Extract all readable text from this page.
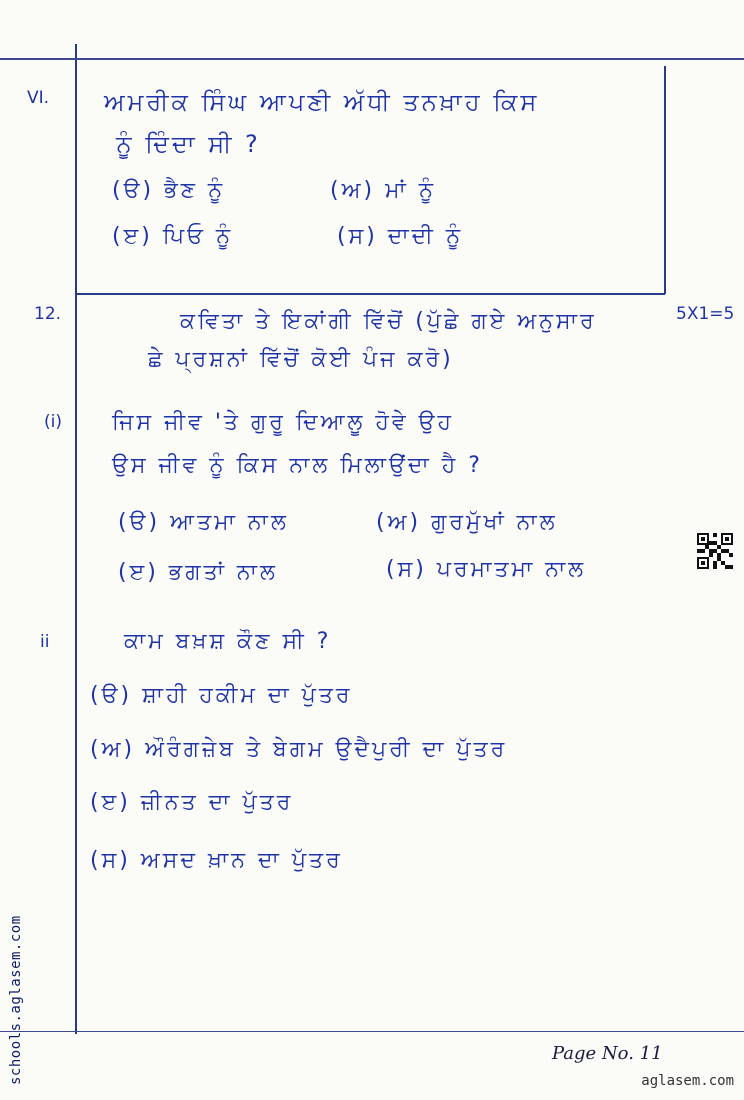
VI. ਅਮਰੀਕ ਸਿੰਘ ਆਪਣੀ ਅੱਧੀ ਤਨਖ਼ਾਹ ਕਿਸ
ਨੂੰ ਦਿੰਦਾ ਸੀ ?
(ੳ) ਭੈਣ ਨੂੰ	(ਅ) ਮਾਂ ਨੂੰ
(ੲ) ਪਿਓ ਨੂੰ	(ਸ) ਦਾਦੀ ਨੂੰ
12.	5X1=5
ਕਵਿਤਾ ਤੇ ਇਕਾਂਗੀ ਵਿੱਚੋਂ (ਪੁੱਛੇ ਗਏ ਅਨੁਸਾਰ
ਛੇ ਪ੍ਰਸ਼ਨਾਂ ਵਿੱਚੋਂ ਕੋਈ ਪੰਜ ਕਰੋ)
(i) ਜਿਸ ਜੀਵ 'ਤੇ ਗੁਰੂ ਦਿਆਲੂ ਹੋਵੇ ਉਹ
ਉਸ ਜੀਵ ਨੂੰ ਕਿਸ ਨਾਲ ਮਿਲਾਉਂਦਾ ਹੈ ?
(ੳ) ਆਤਮਾ ਨਾਲ	(ਅ) ਗੁਰਮੁੱਖਾਂ ਨਾਲ
(ੲ) ਭਗਤਾਂ ਨਾਲ	(ਸ) ਪਰਮਾਤਮਾ ਨਾਲ
ii	ਕਾਮ ਬਖ਼ਸ਼ ਕੌਣ ਸੀ ?
(ੳ) ਸ਼ਾਹੀ ਹਕੀਮ ਦਾ ਪੁੱਤਰ
(ਅ) ਔਰੰਗਜ਼ੇਬ ਤੇ ਬੇਗਮ ਉਦੈਪੁਰੀ ਦਾ ਪੁੱਤਰ
(ੲ) ਜ਼ੀਨਤ ਦਾ ਪੁੱਤਰ
(ਸ) ਅਸਦ ਖ਼ਾਨ ਦਾ ਪੁੱਤਰ
Page No. 11
schools.aglasem.com	aglasem.com
